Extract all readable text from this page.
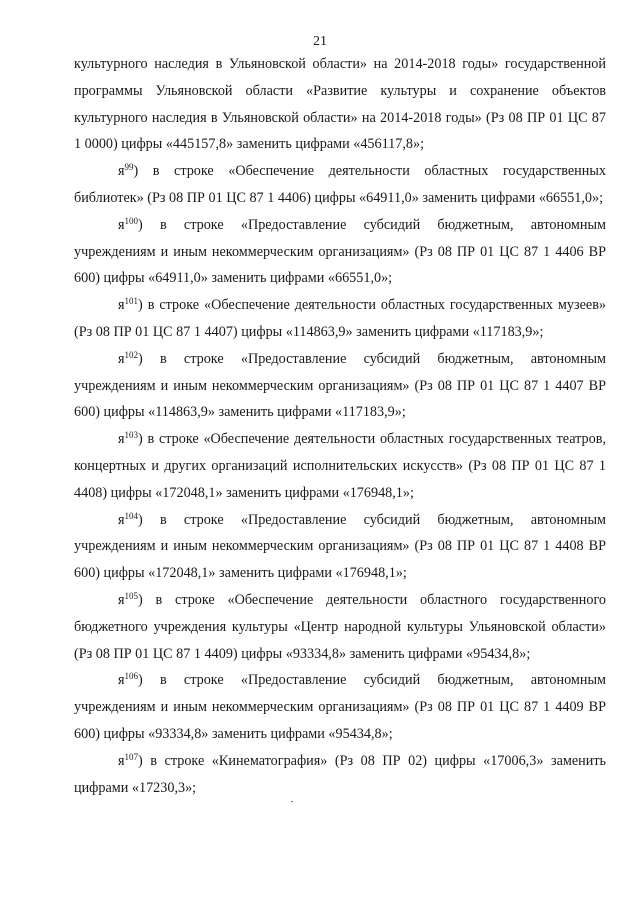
21

культурного наследия в Ульяновской области» на 2014-2018 годы» государственной программы Ульяновской области «Развитие культуры и сохранение объектов культурного наследия в Ульяновской области» на 2014-2018 годы» (Рз 08 ПР 01 ЦС 87 1 0000) цифры «445157,8» заменить цифрами «456117,8»;

$я^{99}$) в строке «Обеспечение деятельности областных государственных библиотек» (Рз 08 ПР 01 ЦС 87 1 4406) цифры «64911,0» заменить цифрами «66551,0»;

$я^{100}$) в строке «Предоставление субсидий бюджетным, автономным учреждениям и иным некоммерческим организациям» (Рз 08 ПР 01 ЦС 87 1 4406 ВР 600) цифры «64911,0» заменить цифрами «66551,0»;

$я^{101}$) в строке «Обеспечение деятельности областных государственных музеев» (Рз 08 ПР 01 ЦС 87 1 4407) цифры «114863,9» заменить цифрами «117183,9»;

$я^{102}$) в строке «Предоставление субсидий бюджетным, автономным учреждениям и иным некоммерческим организациям» (Рз 08 ПР 01 ЦС 87 1 4407 ВР 600) цифры «114863,9» заменить цифрами «117183,9»;

$я^{103}$) в строке «Обеспечение деятельности областных государственных театров, концертных и других организаций исполнительских искусств» (Рз 08 ПР 01 ЦС 87 1 4408) цифры «172048,1» заменить цифрами «176948,1»;

$я^{104}$) в строке «Предоставление субсидий бюджетным, автономным учреждениям и иным некоммерческим организациям» (Рз 08 ПР 01 ЦС 87 1 4408 ВР 600) цифры «172048,1» заменить цифрами «176948,1»;

$я^{105}$) в строке «Обеспечение деятельности областного государственного бюджетного учреждения культуры «Центр народной культуры Ульяновской области» (Рз 08 ПР 01 ЦС 87 1 4409) цифры «93334,8» заменить цифрами «95434,8»;

$я^{106}$) в строке «Предоставление субсидий бюджетным, автономным учреждениям и иным некоммерческим организациям» (Рз 08 ПР 01 ЦС 87 1 4409 ВР 600) цифры «93334,8» заменить цифрами «95434,8»;

$я^{107}$) в строке «Кинематография» (Рз 08 ПР 02) цифры «17006,3» заменить цифрами «17230,3»;
